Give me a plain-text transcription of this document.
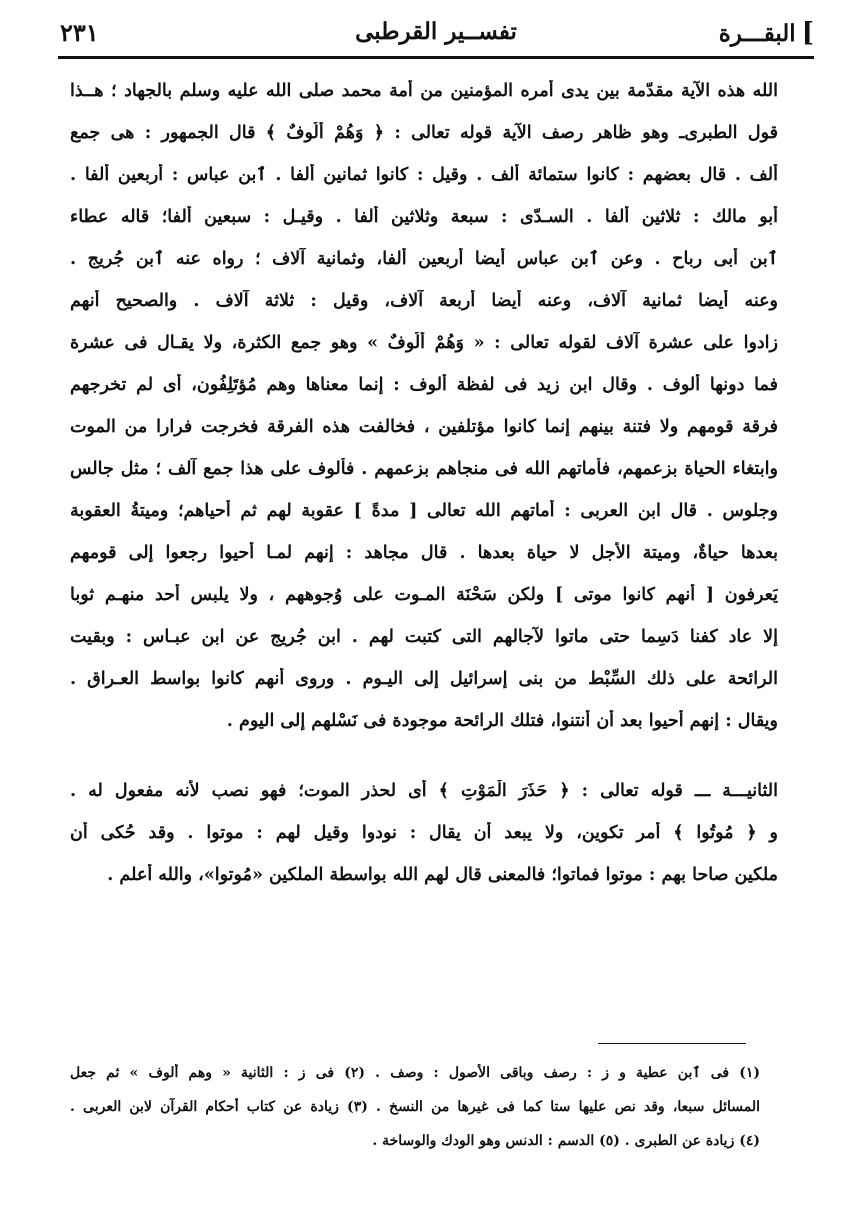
]البقـــرة
تفســير القرطبى
٢٣١
الله هذه الآية مقدّمة بين يدى أمره المؤمنين من أمة محمد صلى الله عليه وسلم بالجهاد ؛ هــذا
قول الطبرى‌ـ وهو ظاهر رصف الآية قوله تعالى : ﴿ وَهُمْ أُلُوفٌ ﴾ قال الجمهور : هى جمع
ألف . قال بعضهم : كانوا ستمائة ألف . وقيل : كانوا ثمانين ألفا . ٱبن عباس : أربعين ألفا .
أبو مالك : ثلاثين ألفا . السـدّى : سبعة وثلاثين ألفا . وقيـل : سبعين ألفا؛ قاله عطاء
ٱبن أبى رباح . وعن ٱبن عباس أيضا أربعين ألفا، وثمانية آلاف ؛ رواه عنه ٱبن جُريج .
وعنه أيضا ثمانية آلاف، وعنه أيضا أربعة آلاف، وقيل : ثلاثة آلاف . والصحيح أنهم
زادوا على عشرة آلاف لقوله تعالى : « وَهُمْ أُلُوفٌ » وهو جمع الكثرة، ولا يقـال فى عشرة
فما دونها ألوف . وقال ابن زيد فى لفظة ألوف : إنما معناها وهم مُؤتَلِفُون، أى لم تخرجهم
فرقة قومهم ولا فتنة بينهم إنما كانوا مؤتلفين ، فخالفت هذه الفرقة فخرجت فرارا من الموت
وابتغاء الحياة بزعمهم، فأماتهم الله فى منجاهم بزعمهم . فألوف على هذا جمع آلف ؛ مثل جالس
وجلوس . قال ابن العربى : أماتهم الله تعالى [ مدةً ] عقوبة لهم ثم أحياهم؛ وميتةُ العقوبة
بعدها حياةٌ، وميتة الأجل لا حياة بعدها . قال مجاهد : إنهم لمـا أُحيوا رجعوا إلى قومهم
يَعرفون [ أنهم كانوا موتى ] ولكن سَحْنَة المـوت على وُجوههم ، ولا يلبس أحد منهـم ثوبا
إلا عاد كفنا دَسِما حتى ماتوا لآجالهم التى كتبت لهم . ابن جُريج عن ابن عبـاس : وبقيت
الرائحة على ذلك السِّبْط من بنى إسرائيل إلى اليـوم . وروى أنهم كانوا بواسط العـراق .
ويقال : إنهم أحيوا بعد أن أنتنوا، فتلك الرائحة موجودة فى نَسْلهم إلى اليوم .
الثانيـــة ـــ قوله تعالى : ﴿ حَذَرَ الْمَوْتِ ﴾ أى لحذر الموت؛ فهو نصب لأنه مفعول له .
و ﴿ مُوتُوا ﴾ أمر تكوين، ولا يبعد أن يقال : نودوا وقيل لهم : موتوا . وقد حُكى أن
ملكين صاحا بهم : موتوا فماتوا؛ فالمعنى قال لهم الله بواسطة الملكين «مُوتوا»، والله أعلم .
(١) فى ٱبن عطية و ز : رصف وباقى الأصول : وصف . (٢) فى ز : الثانية « وهم ألوف » ثم جعل
المسائل سبعا، وقد نص عليها ستا كما فى غيرها من النسخ . (٣) زيادة عن كتاب أحكام القرآن لابن العربى .
(٤) زيادة عن الطبرى . (٥) الدسم : الدنس وهو الودك والوساخة .
